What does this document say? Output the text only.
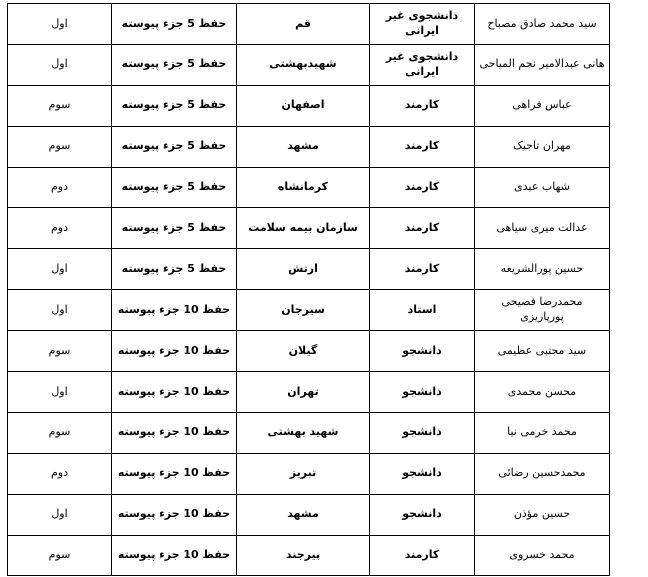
سید محمد صادق مصباح	دانشجوی غیر ایرانی	قم	حفظ 5 جزء پیوسته	اول
هانی عبدالامیر نجم المیاحی	دانشجوی غیر ایرانی	شهیدبهشتی	حفظ 5 جزء پیوسته	اول
عباس فراهی	کارمند	اصفهان	حفظ 5 جزء پیوسته	سوم
مهران تاجیک	کارمند	مشهد	حفظ 5 جزء پیوسته	سوم
شهاب عبدی	کارمند	کرمانشاه	حفظ 5 جزء پیوسته	دوم
عدالت میری سیاهی	کارمند	سازمان بیمه سلامت	حفظ 5 جزء پیوسته	دوم
حسین پورالشریعه	کارمند	ارتش	حفظ 5 جزء پیوسته	اول
محمدرضا فصیحی پورپاریزی	استاد	سیرجان	حفظ 10 جزء پیوسته	اول
سید مجتبی عظیمی	دانشجو	گیلان	حفظ 10 جزء پیوسته	سوم
محسن محمدی	دانشجو	تهران	حفظ 10 جزء پیوسته	اول
محمد خرمی نیا	دانشجو	شهید بهشتی	حفظ 10 جزء پیوسته	سوم
محمدحسین رضائی	دانشجو	تبریز	حفظ 10 جزء پیوسته	دوم
حسین مؤذن	دانشجو	مشهد	حفظ 10 جزء پیوسته	اول
محمد خسروی	کارمند	بیرجند	حفظ 10 جزء پیوسته	سوم
